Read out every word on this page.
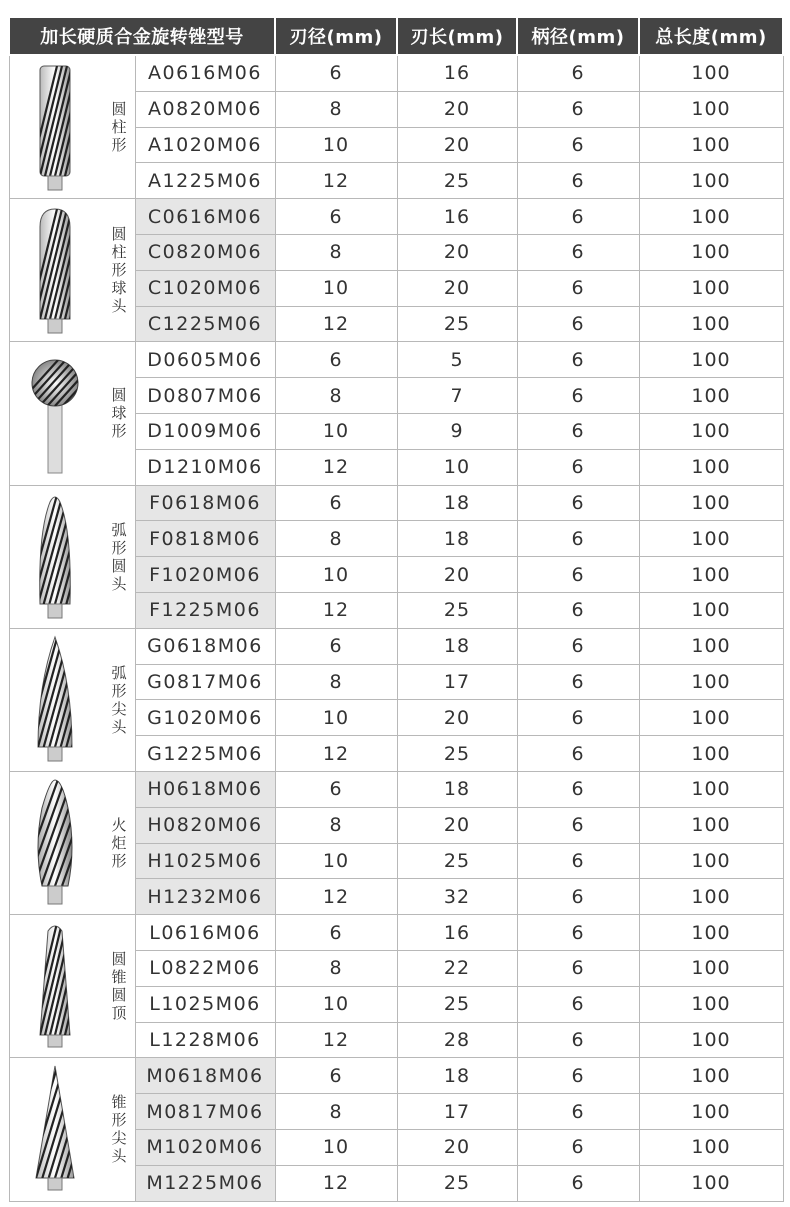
加长硬质合金旋转锉型号		刃径(mm)	刃长(mm)	柄径(mm)	总长度(mm)

圆柱形	A0616M06	6	16	6	100
	A0820M06	8	20	6	100
	A1020M06	10	20	6	100
	A1225M06	12	25	6	100

圆柱形球头	C0616M06	6	16	6	100
	C0820M06	8	20	6	100
	C1020M06	10	20	6	100
	C1225M06	12	25	6	100

圆球形	D0605M06	6	5	6	100
	D0807M06	8	7	6	100
	D1009M06	10	9	6	100
	D1210M06	12	10	6	100

弧形圆头	F0618M06	6	18	6	100
	F0818M06	8	18	6	100
	F1020M06	10	20	6	100
	F1225M06	12	25	6	100

弧形尖头	G0618M06	6	18	6	100
	G0817M06	8	17	6	100
	G1020M06	10	20	6	100
	G1225M06	12	25	6	100

火炬形	H0618M06	6	18	6	100
	H0820M06	8	20	6	100
	H1025M06	10	25	6	100
	H1232M06	12	32	6	100

圆锥圆顶	L0616M06	6	16	6	100
	L0822M06	8	22	6	100
	L1025M06	10	25	6	100
	L1228M06	12	28	6	100

锥形尖头	M0618M06	6	18	6	100
	M0817M06	8	17	6	100
	M1020M06	10	20	6	100
	M1225M06	12	25	6	100
